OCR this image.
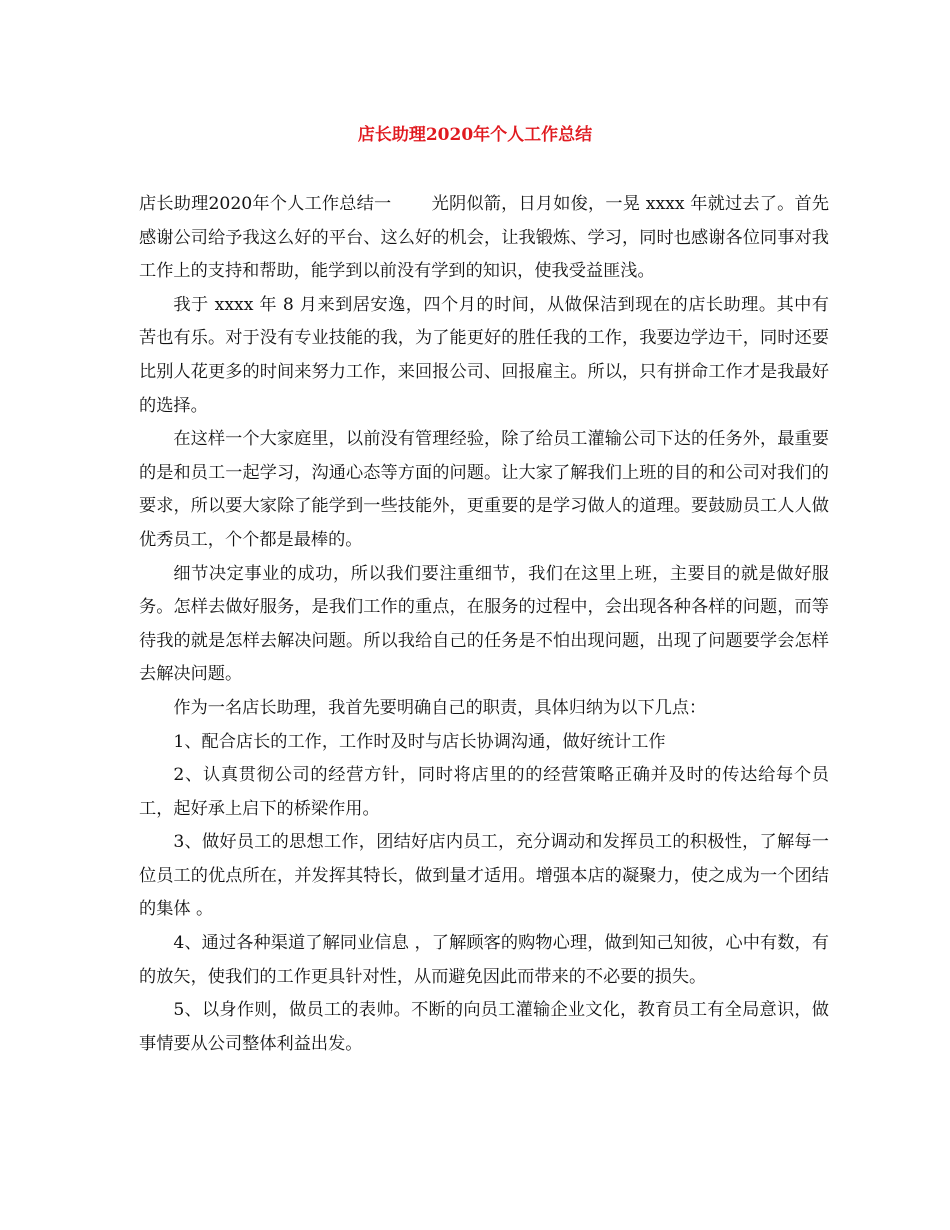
店长助理2020年个人工作总结

店长助理2020年个人工作总结一 光阴似箭，日月如俊，一晃 xxxx 年就过去了。首先感谢公司给予我这么好的平台、这么好的机会，让我锻炼、学习，同时也感谢各位同事对我工作上的支持和帮助，能学到以前没有学到的知识，使我受益匪浅。

我于 xxxx 年 8 月来到居安逸，四个月的时间，从做保洁到现在的店长助理。其中有苦也有乐。对于没有专业技能的我，为了能更好的胜任我的工作，我要边学边干，同时还要比别人花更多的时间来努力工作，来回报公司、回报雇主。所以，只有拼命工作才是我最好的选择。

在这样一个大家庭里，以前没有管理经验，除了给员工灌输公司下达的任务外，最重要的是和员工一起学习，沟通心态等方面的问题。让大家了解我们上班的目的和公司对我们的要求，所以要大家除了能学到一些技能外，更重要的是学习做人的道理。要鼓励员工人人做优秀员工，个个都是最棒的。

细节决定事业的成功，所以我们要注重细节，我们在这里上班，主要目的就是做好服务。怎样去做好服务，是我们工作的重点，在服务的过程中，会出现各种各样的问题，而等待我的就是怎样去解决问题。所以我给自己的任务是不怕出现问题，出现了问题要学会怎样去解决问题。

作为一名店长助理，我首先要明确自己的职责，具体归纳为以下几点：

1、配合店长的工作，工作时及时与店长协调沟通，做好统计工作

2、认真贯彻公司的经营方针，同时将店里的的经营策略正确并及时的传达给每个员工，起好承上启下的桥梁作用。

3、做好员工的思想工作，团结好店内员工，充分调动和发挥员工的积极性，了解每一位员工的优点所在，并发挥其特长，做到量才适用。增强本店的凝聚力，使之成为一个团结的集体 。

4、通过各种渠道了解同业信息 ，了解顾客的购物心理，做到知己知彼，心中有数，有的放矢，使我们的工作更具针对性，从而避免因此而带来的不必要的损失。

5、以身作则，做员工的表帅。不断的向员工灌输企业文化，教育员工有全局意识，做事情要从公司整体利益出发。
